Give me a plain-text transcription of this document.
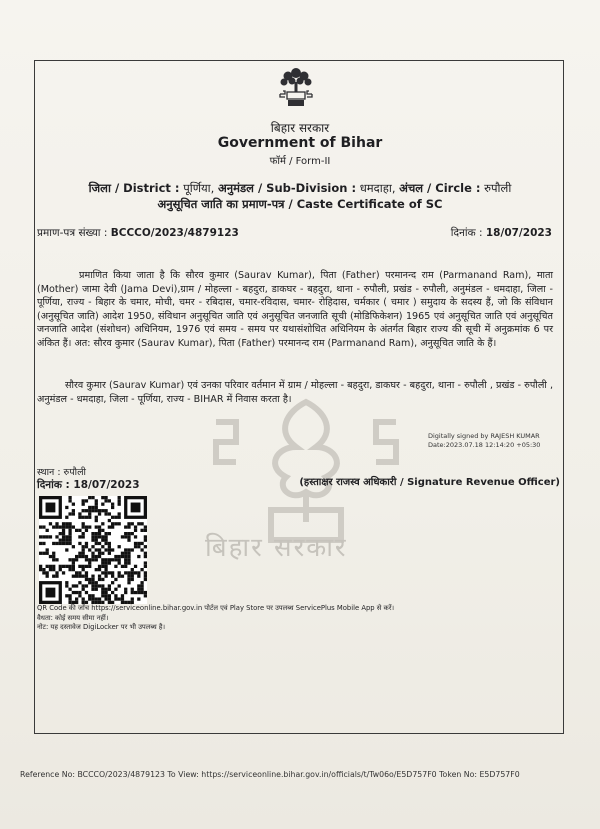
बिहार सरकार
Government of Bihar
फॉर्म / Form-II
जिला / District : पूर्णिया, अनुमंडल / Sub-Division : धमदाहा, अंचल / Circle : रुपौली
अनुसूचित जाति का प्रमाण-पत्र / Caste Certificate of SC
प्रमाण-पत्र संख्या : BCCCO/2023/4879123	दिनांक : 18/07/2023
बिहार सरकार
प्रमाणित किया जाता है कि सौरव कुमार (Saurav Kumar), पिता (Father) परमानन्द राम (Parmanand Ram), माता (Mother) जामा देवी (Jama Devi),ग्राम / मोहल्ला - बहदुरा, डाकघर - बहदुरा, थाना - रुपौली, प्रखंड - रुपौली, अनुमंडल - धमदाहा, जिला - पूर्णिया, राज्य - बिहार के चमार, मोची, चमर - रबिदास, चमार-रविदास, चमार- रोहिदास, चर्मकार ( चमार ) समुदाय के सदस्य हैं, जो कि संविधान (अनुसूचित जाति) आदेश 1950, संविधान अनुसूचित जाति एवं अनुसूचित जनजाति सूची (मोडिफिकेशन) 1965 एवं अनुसूचित जाति एवं अनुसूचित जनजाति आदेश (संशोधन) अधिनियम, 1976 एवं समय - समय पर यथासंशोधित अधिनियम के अंतर्गत बिहार राज्य की सूची में अनुक्रमांक 6 पर अंकित हैं। अत: सौरव कुमार (Saurav Kumar), पिता (Father) परमानन्द राम (Parmanand Ram), अनुसूचित जाति के हैं।
सौरव कुमार (Saurav Kumar) एवं उनका परिवार वर्तमान में ग्राम / मोहल्ला - बहदुरा, डाकघर - बहदुरा, थाना - रुपौली , प्रखंड - रुपौली , अनुमंडल - धमदाहा, जिला - पूर्णिया, राज्य - BIHAR में निवास करता है।
Digitally signed by RAJESH KUMAR
Date:2023.07.18 12:14:20 +05:30
स्थान : रुपौली
दिनांक : 18/07/2023	(हस्ताक्षर राजस्व अधिकारी / Signature Revenue Officer)
QR Code की जाँच https://serviceonline.bihar.gov.in पोर्टल एवं Play Store पर उपलब्ध ServicePlus Mobile App से करें।
वैधता: कोई समय सीमा नहीं।
नोट: यह दस्तावेज DigiLocker पर भी उपलब्ध है।
Reference No: BCCCO/2023/4879123 To View: https://serviceonline.bihar.gov.in/officials/t/Tw06o/E5D757F0 Token No: E5D757F0
